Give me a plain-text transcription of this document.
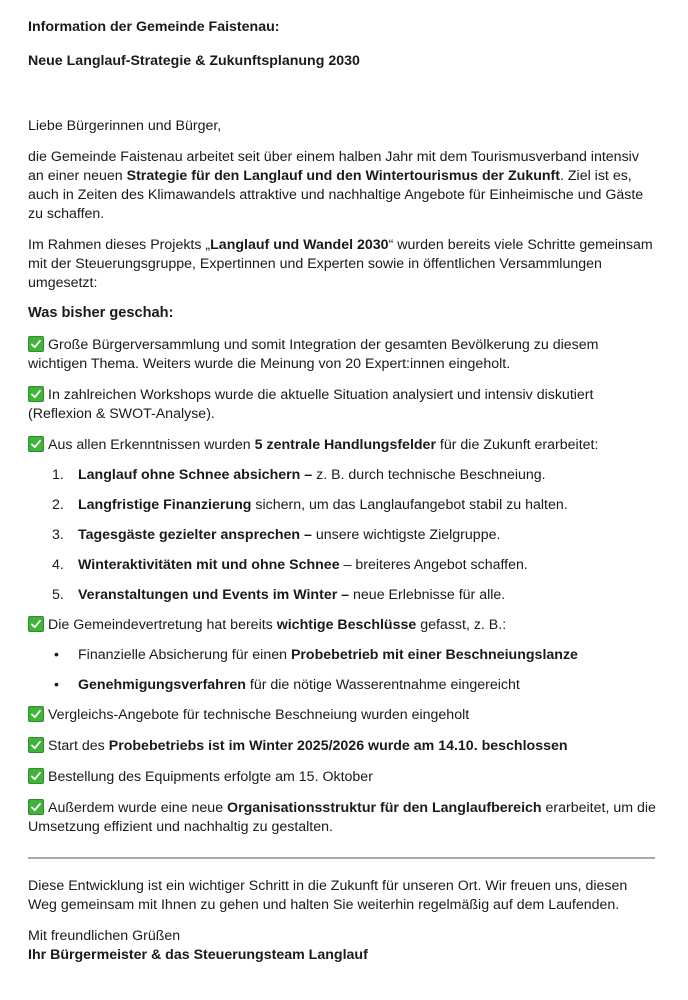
Information der Gemeinde Faistenau:
Neue Langlauf-Strategie & Zukunftsplanung 2030

Liebe Bürgerinnen und Bürger,

die Gemeinde Faistenau arbeitet seit über einem halben Jahr mit dem Tourismusverband intensiv an einer neuen Strategie für den Langlauf und den Wintertourismus der Zukunft. Ziel ist es, auch in Zeiten des Klimawandels attraktive und nachhaltige Angebote für Einheimische und Gäste zu schaffen.

Im Rahmen dieses Projekts „Langlauf und Wandel 2030“ wurden bereits viele Schritte gemeinsam mit der Steuerungsgruppe, Expertinnen und Experten sowie in öffentlichen Versammlungen umgesetzt:

Was bisher geschah:

Große Bürgerversammlung und somit Integration der gesamten Bevölkerung zu diesem wichtigen Thema. Weiters wurde die Meinung von 20 Expert:innen eingeholt.

In zahlreichen Workshops wurde die aktuelle Situation analysiert und intensiv diskutiert (Reflexion & SWOT-Analyse).

Aus allen Erkenntnissen wurden 5 zentrale Handlungsfelder für die Zukunft erarbeitet:

1. Langlauf ohne Schnee absichern – z. B. durch technische Beschneiung.
2. Langfristige Finanzierung sichern, um das Langlaufangebot stabil zu halten.
3. Tagesgäste gezielter ansprechen – unsere wichtigste Zielgruppe.
4. Winteraktivitäten mit und ohne Schnee – breiteres Angebot schaffen.
5. Veranstaltungen und Events im Winter – neue Erlebnisse für alle.

Die Gemeindevertretung hat bereits wichtige Beschlüsse gefasst, z. B.:

•	Finanzielle Absicherung für einen Probebetrieb mit einer Beschneiungslanze
•	Genehmigungsverfahren für die nötige Wasserentnahme eingereicht

Vergleichs-Angebote für technische Beschneiung wurden eingeholt

Start des Probebetriebs ist im Winter 2025/2026 wurde am 14.10. beschlossen

Bestellung des Equipments erfolgte am 15. Oktober

Außerdem wurde eine neue Organisationsstruktur für den Langlaufbereich erarbeitet, um die Umsetzung effizient und nachhaltig zu gestalten.

Diese Entwicklung ist ein wichtiger Schritt in die Zukunft für unseren Ort. Wir freuen uns, diesen Weg gemeinsam mit Ihnen zu gehen und halten Sie weiterhin regelmäßig auf dem Laufenden.

Mit freundlichen Grüßen
Ihr Bürgermeister & das Steuerungsteam Langlauf
